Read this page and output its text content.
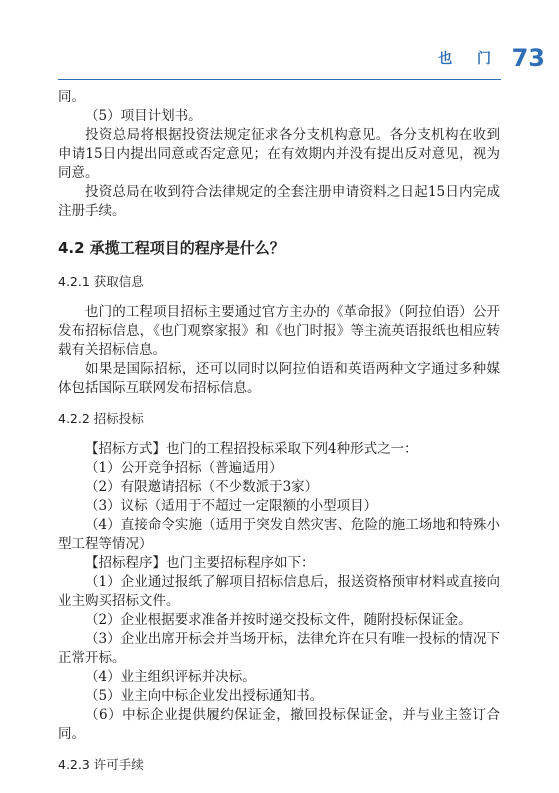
也 门 73

同。

（5）项目计划书。

投资总局将根据投资法规定征求各分支机构意见。各分支机构在收到申请15日内提出同意或否定意见；在有效期内并没有提出反对意见，视为同意。

投资总局在收到符合法律规定的全套注册申请资料之日起15日内完成注册手续。

4.2 承揽工程项目的程序是什么？
4.2.1 获取信息

也门的工程项目招标主要通过官方主办的《革命报》（阿拉伯语）公开发布招标信息，《也门观察家报》和《也门时报》等主流英语报纸也相应转载有关招标信息。

如果是国际招标，还可以同时以阿拉伯语和英语两种文字通过多种媒体包括国际互联网发布招标信息。

4.2.2 招标投标

【招标方式】也门的工程招投标采取下列4种形式之一：

（1）公开竞争招标（普遍适用）

（2）有限邀请招标（不少数派于3家）

（3）议标（适用于不超过一定限额的小型项目）

（4）直接命令实施（适用于突发自然灾害、危险的施工场地和特殊小型工程等情况）

【招标程序】也门主要招标程序如下：

（1）企业通过报纸了解项目招标信息后，报送资格预审材料或直接向业主购买招标文件。

（2）企业根据要求准备并按时递交投标文件，随附投标保证金。

（3）企业出席开标会并当场开标，法律允许在只有唯一投标的情况下正常开标。

（4）业主组织评标并决标。

（5）业主向中标企业发出授标通知书。

（6）中标企业提供履约保证金，撤回投标保证金，并与业主签订合同。

4.2.3 许可手续
